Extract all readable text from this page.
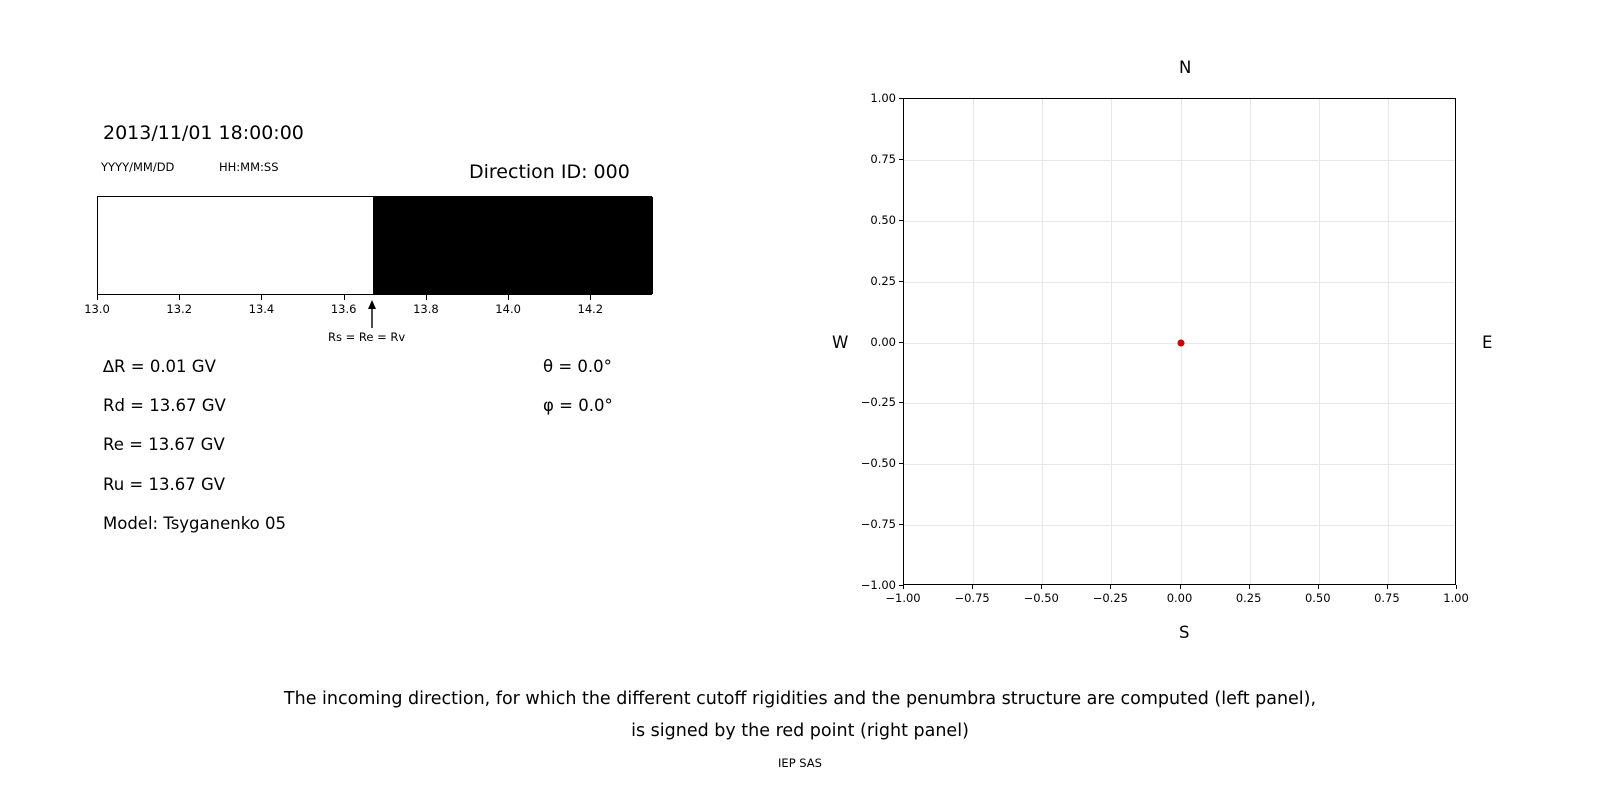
2013/11/01 18:00:00
YYYY/MM/DD	HH:MM:SS	Direction ID: 000
13.0	13.2	13.4	13.6	13.8	14.0	14.2
Rs = Re = Rv
∆R = 0.01 GV
Rd = 13.67 GV
Re = 13.67 GV
Ru = 13.67 GV
Model: Tsyganenko 05
θ = 0.0°
φ = 0.0°
N
S
W	E
−1.00	−0.75	−0.50	−0.25	0.00	0.25	0.50	0.75	1.00
−1.00
−0.75
−0.50
−0.25
0.00
0.25
0.50
0.75
1.00
The incoming direction, for which the different cutoff rigidities and the penumbra structure are computed (left panel),
is signed by the red point (right panel)
IEP SAS
